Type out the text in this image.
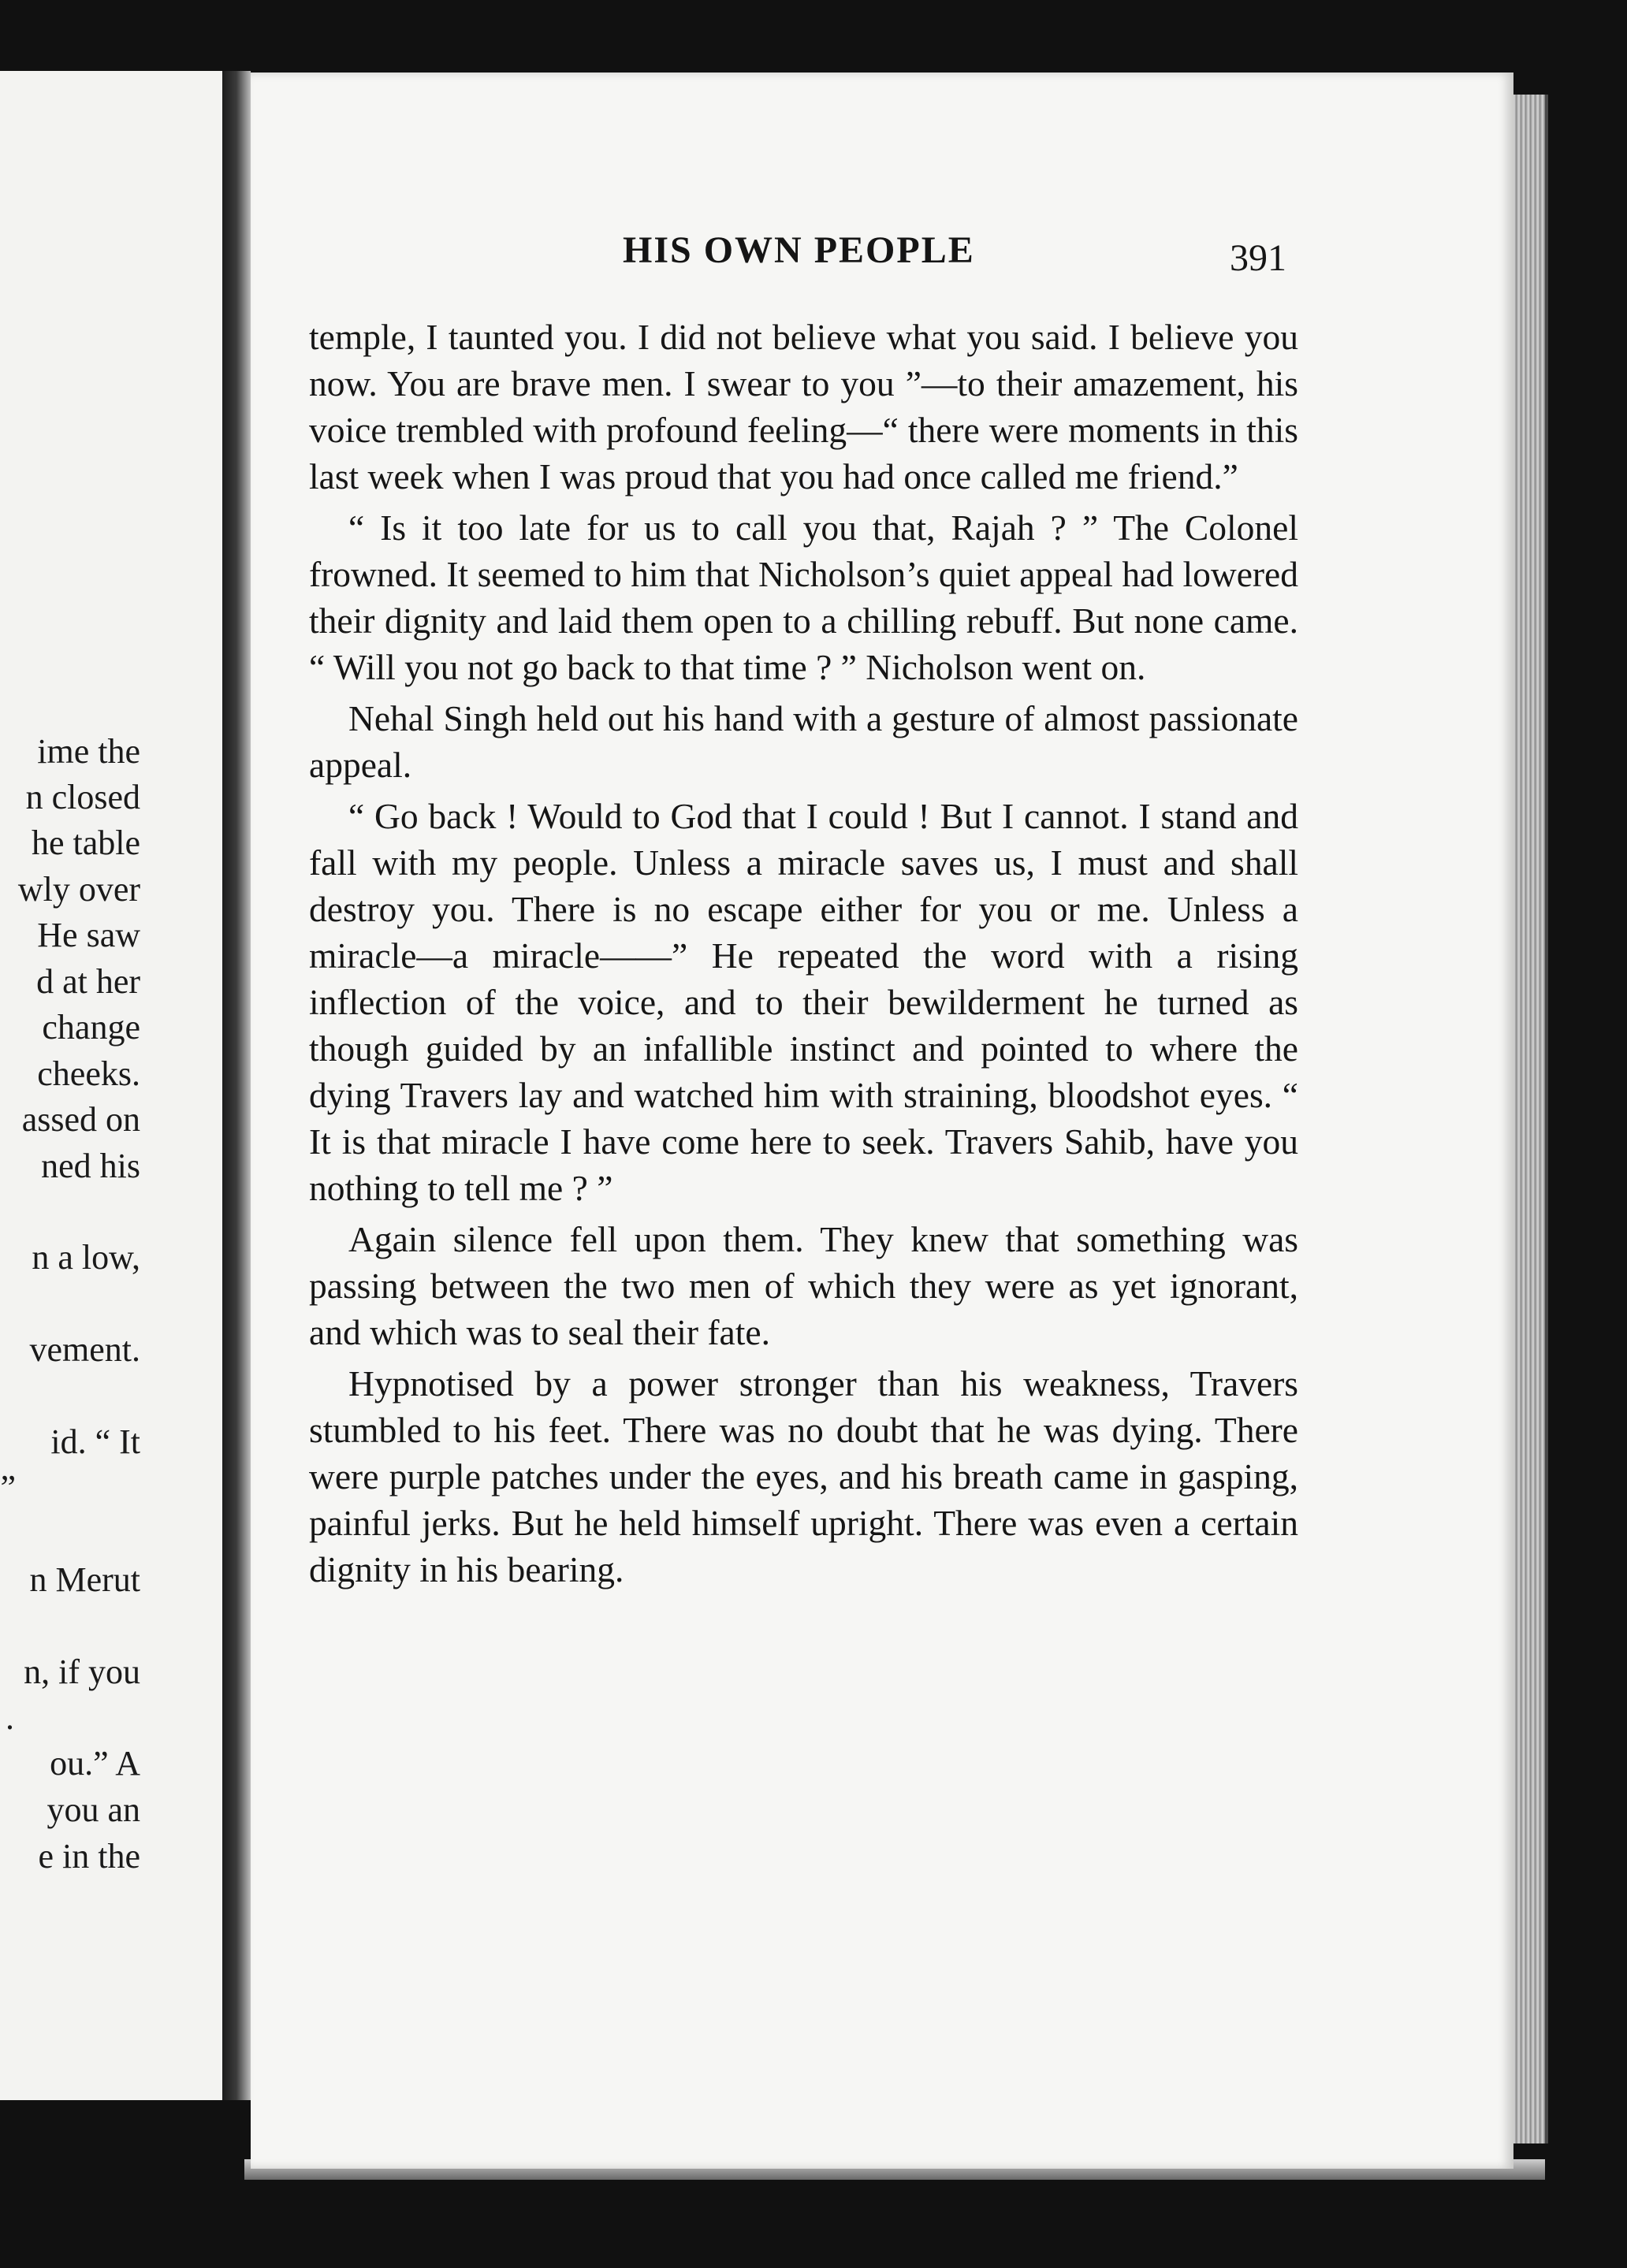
ime the
n closed
he table
wly over
He saw
d at her
change
cheeks.
assed on
ned his
n a low,
vement.
id. “ It
”
n Merut
n, if you
.
ou.” A
you an
e in the
HIS OWN PEOPLE	391

temple, I taunted you. I did not believe what you said. I believe you now. You are brave men. I swear to you ”—to their amazement, his voice trembled with profound feeling—“ there were moments in this last week when I was proud that you had once called me friend.”

“ Is it too late for us to call you that, Rajah ? ” The Colonel frowned. It seemed to him that Nicholson’s quiet appeal had lowered their dignity and laid them open to a chilling rebuff. But none came. “ Will you not go back to that time ? ” Nicholson went on.

Nehal Singh held out his hand with a gesture of almost passionate appeal.

“ Go back ! Would to God that I could ! But I cannot. I stand and fall with my people. Unless a miracle saves us, I must and shall destroy you. There is no escape either for you or me. Unless a miracle—a miracle——” He repeated the word with a rising inflection of the voice, and to their bewilderment he turned as though guided by an infallible instinct and pointed to where the dying Travers lay and watched him with straining, bloodshot eyes. “ It is that miracle I have come here to seek. Travers Sahib, have you nothing to tell me ? ”

Again silence fell upon them. They knew that something was passing between the two men of which they were as yet ignorant, and which was to seal their fate.

Hypnotised by a power stronger than his weakness, Travers stumbled to his feet. There was no doubt that he was dying. There were purple patches under the eyes, and his breath came in gasping, painful jerks. But he held himself upright. There was even a certain dignity in his bearing.
